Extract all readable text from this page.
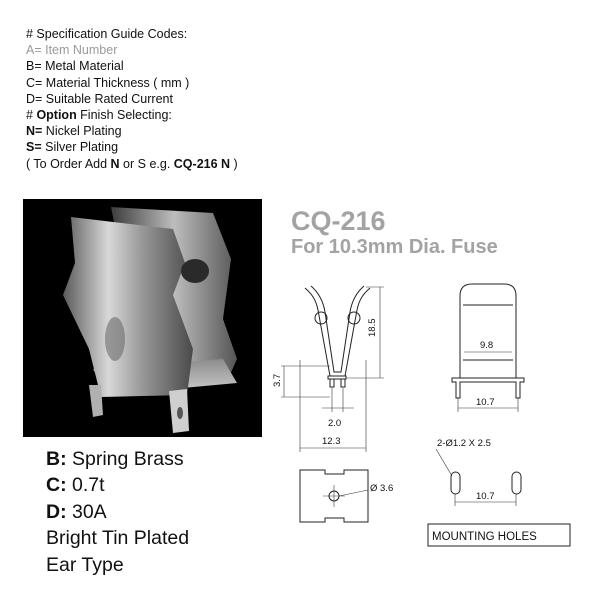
# Specification Guide Codes:
A= Item Number
B= Metal Material
C= Material Thickness ( mm )
D= Suitable Rated Current
# Option Finish Selecting:
N= Nickel Plating
S= Silver Plating
( To Order Add N or S e.g. CQ-216 N )
CQ-216
For 10.3mm Dia. Fuse
18.5
3.7
2.0
12.3
9.8
10.7
Ø 3.6
2-Ø1.2 X 2.5
10.7
MOUNTING HOLES
B: Spring Brass
C: 0.7t
D: 30A
Bright Tin Plated
Ear Type
